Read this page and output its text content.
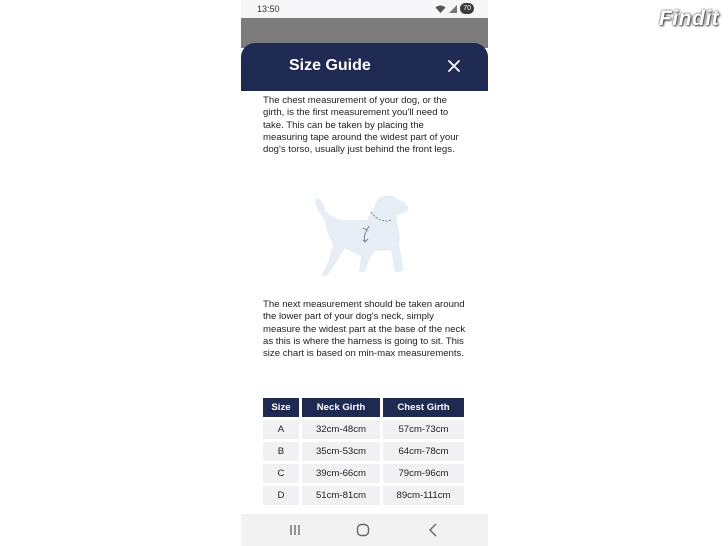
13:50	70
Size Guide
The chest measurement of your dog, or the girth, is the first measurement you'll need to take. This can be taken by placing the measuring tape around the widest part of your dog's torso, usually just behind the front legs.
The next measurement should be taken around the lower part of your dog's neck, simply measure the widest part at the base of the neck as this is where the harness is going to sit. This size chart is based on min-max measurements.
Size	Neck Girth	Chest Girth
A	32cm-48cm	57cm-73cm
B	35cm-53cm	64cm-78cm
C	39cm-66cm	79cm-96cm
D	51cm-81cm	89cm-111cm
Findit
